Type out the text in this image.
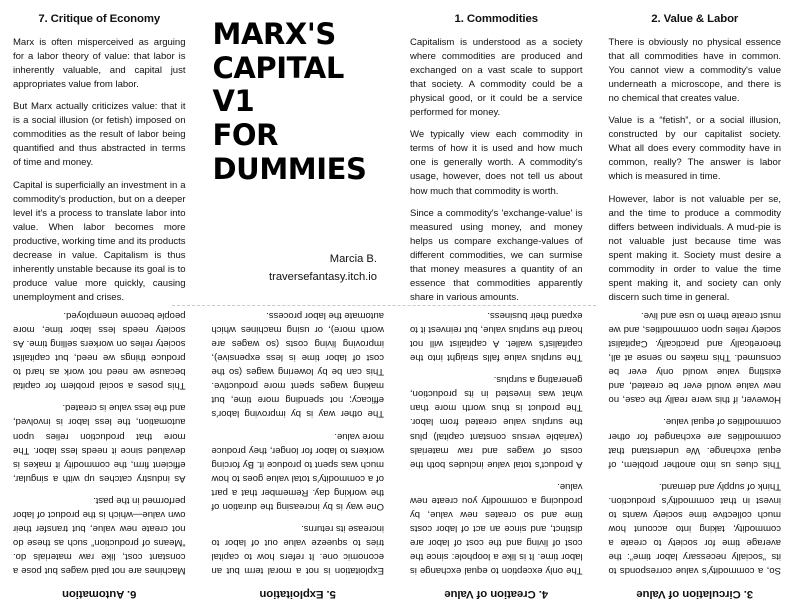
7. Critique of Economy

Marx is often misperceived as arguing for a labor theory of value: that labor is inherently valuable, and capital just appropriates value from labor.

But Marx actually criticizes value: that it is a social illusion (or fetish) imposed on commodities as the result of labor being quantified and thus abstracted in terms of time and money.

Capital is superficially an investment in a commodity's production, but on a deeper level it's a process to translate labor into value. When labor becomes more productive, working time and its products decrease in value. Capitalism is thus inherently unstable because its goal is to produce value more quickly, causing unemployment and crises.

MARX'S
CAPITAL V1
FOR
DUMMIES
Marcia B.
traversefantasy.itch.io
1. Commodities

Capitalism is understood as a society where commodities are produced and exchanged on a vast scale to support that society. A commodity could be a physical good, or it could be a service performed for money.

We typically view each commodity in terms of how it is used and how much one is generally worth. A commodity's usage, however, does not tell us about how much that commodity is worth.

Since a commodity's 'exchange-value' is measured using money, and money helps us compare exchange-values of different commodities, we can surmise that money measures a quantity of an essence that commodities apparently share in various amounts.

2. Value & Labor

There is obviously no physical essence that all commodities have in common. You cannot view a commodity's value underneath a microscope, and there is no chemical that creates value.

Value is a “fetish”, or a social illusion, constructed by our capitalist society. What all does every commodity have in common, really? The answer is labor which is measured in time.

However, labor is not valuable per se, and the time to produce a commodity differs between individuals. A mud-pie is not valuable just because time was spent making it. Society must desire a commodity in order to value the time spent making it, and society can only discern such time in general.

3. Circulation of Value

So, a commodity's value corresponds to its “socially necessary labor time”: the average time for society to create a commodity, taking into account how much collective time society wants to invest in that commodity's production. Think of supply and demand.

This clues us into another problem, of equal exchange. We understand that commodities are exchanged for other commodities of equal value.

However, if this were really the case, no new value would ever be created, and existing value would only ever be consumed. This makes no sense at all, theoretically and practically. Capitalist society relies upon commodities, and we must create them to use and live.

4. Creation of Value

The only exception to equal exchange is labor time. It is like a loophole: since the cost of living and the cost of labor are distinct, and since an act of labor costs time and so creates new value, by producing a commodity you create new value.

A product's total value includes both the costs of wages and raw materials (variable versus constant capital) plus the surplus value created from labor. The product is thus worth more than what was invested in its production, generating a surplus.

The surplus value falls straight into the capitalist's wallet. A capitalist will not hoard the surplus value, but reinvest it to expand their business.

5. Exploitation

Exploitation is not a moral term but an economic one. It refers how to capital tries to squeeze value out of labor to increase its returns.

One way is by increasing the duration of the working day. Remember that a part of a commodity's total value goes to how much was spent to produce it. By forcing workers to labor for longer, they produce more value.

The other way is by improving labor's efficacy; not spending more time, but making wages spent more productive. This can be by lowering wages (so the cost of labor time is less expensive), improving living costs (so wages are worth more), or using machines which automate the labor process.

6. Automation

Machines are not paid wages but pose a constant cost, like raw materials do. “Means of production” such as these do not create new value, but transfer their own value—which is the product of labor performed in the past.

As industry catches up with a singular, efficient firm, the commodity it makes is devalued since it needs less labor. The more that production relies upon automation, the less labor is involved, and the less value is created.

This poses a social problem for capital because we need not work as hard to produce things we need, but capitalist society relies on workers selling time. As society needs less labor time, more people become unemployed.
